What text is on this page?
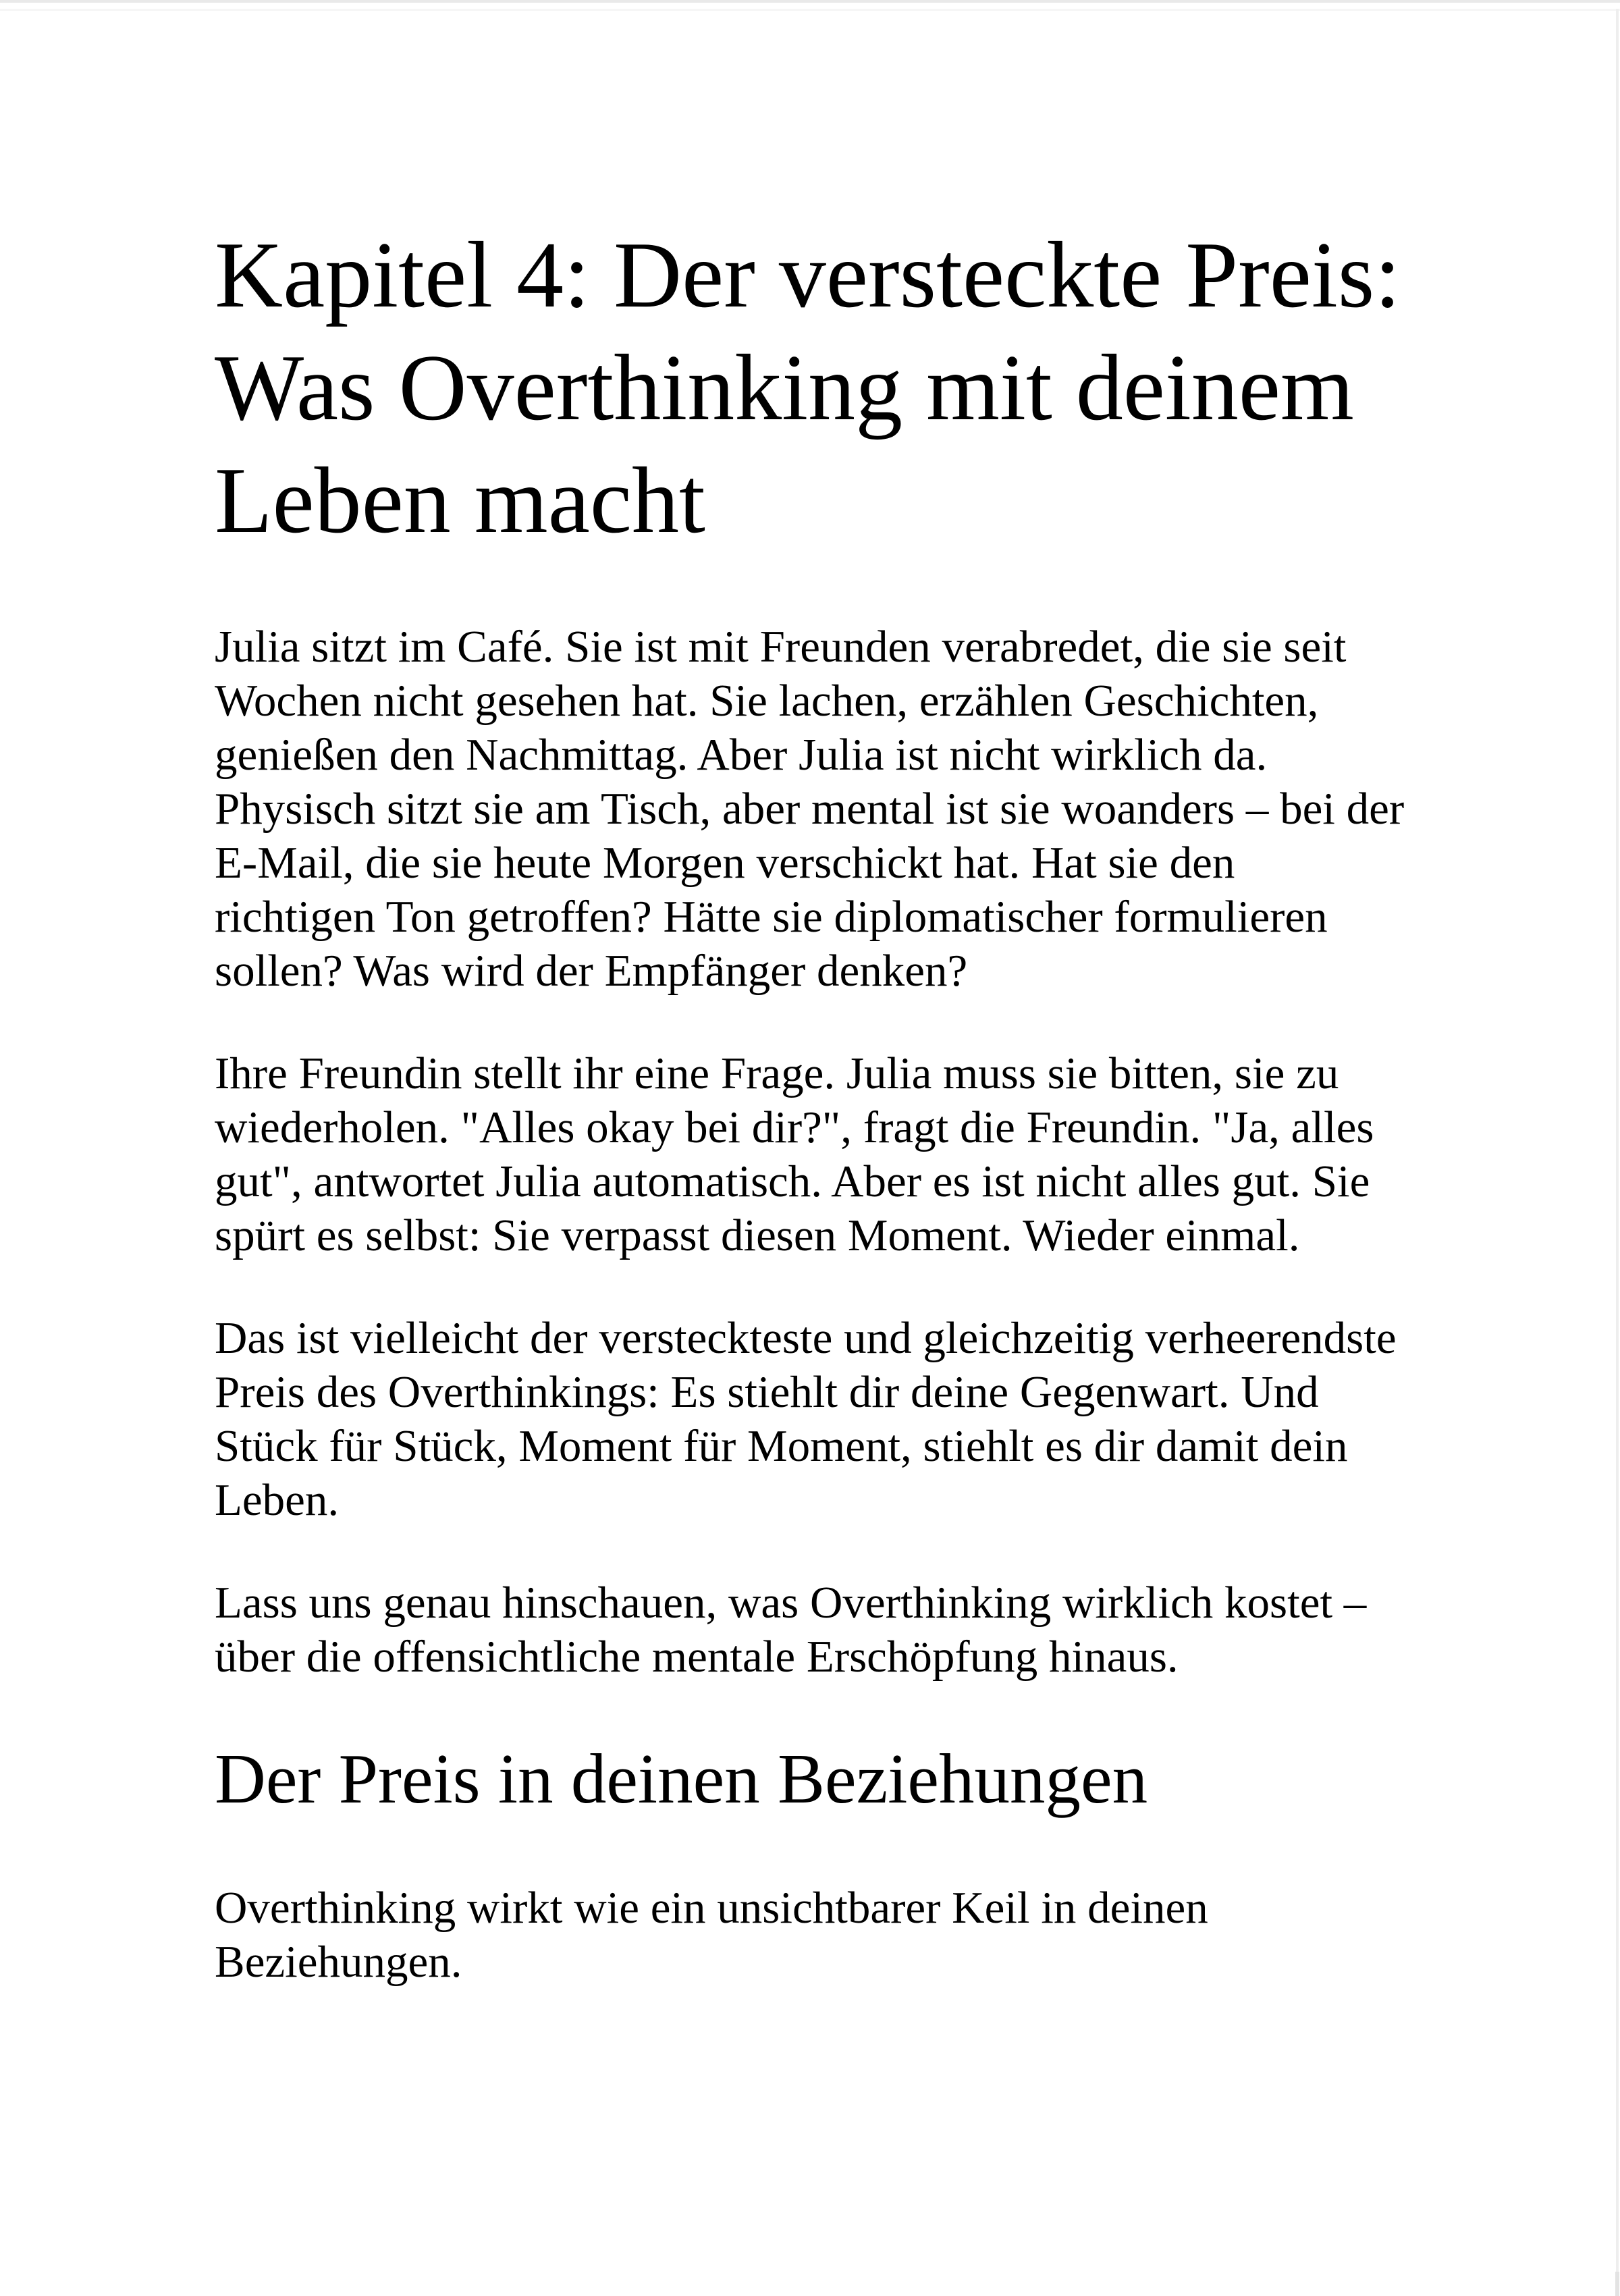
Kapitel 4: Der versteckte Preis: Was Overthinking mit deinem Leben macht

Julia sitzt im Café. Sie ist mit Freunden verabredet, die sie seit Wochen nicht gesehen hat. Sie lachen, erzählen Geschichten, genießen den Nachmittag. Aber Julia ist nicht wirklich da. Physisch sitzt sie am Tisch, aber mental ist sie woanders – bei der E-Mail, die sie heute Morgen verschickt hat. Hat sie den richtigen Ton getroffen? Hätte sie diplomatischer formulieren sollen? Was wird der Empfänger denken?

Ihre Freundin stellt ihr eine Frage. Julia muss sie bitten, sie zu wiederholen. "Alles okay bei dir?", fragt die Freundin. "Ja, alles gut", antwortet Julia automatisch. Aber es ist nicht alles gut. Sie spürt es selbst: Sie verpasst diesen Moment. Wieder einmal.

Das ist vielleicht der versteckteste und gleichzeitig verheerendste Preis des Overthinkings: Es stiehlt dir deine Gegenwart. Und Stück für Stück, Moment für Moment, stiehlt es dir damit dein Leben.

Lass uns genau hinschauen, was Overthinking wirklich kostet – über die offensichtliche mentale Erschöpfung hinaus.

Der Preis in deinen Beziehungen

Overthinking wirkt wie ein unsichtbarer Keil in deinen Beziehungen.
